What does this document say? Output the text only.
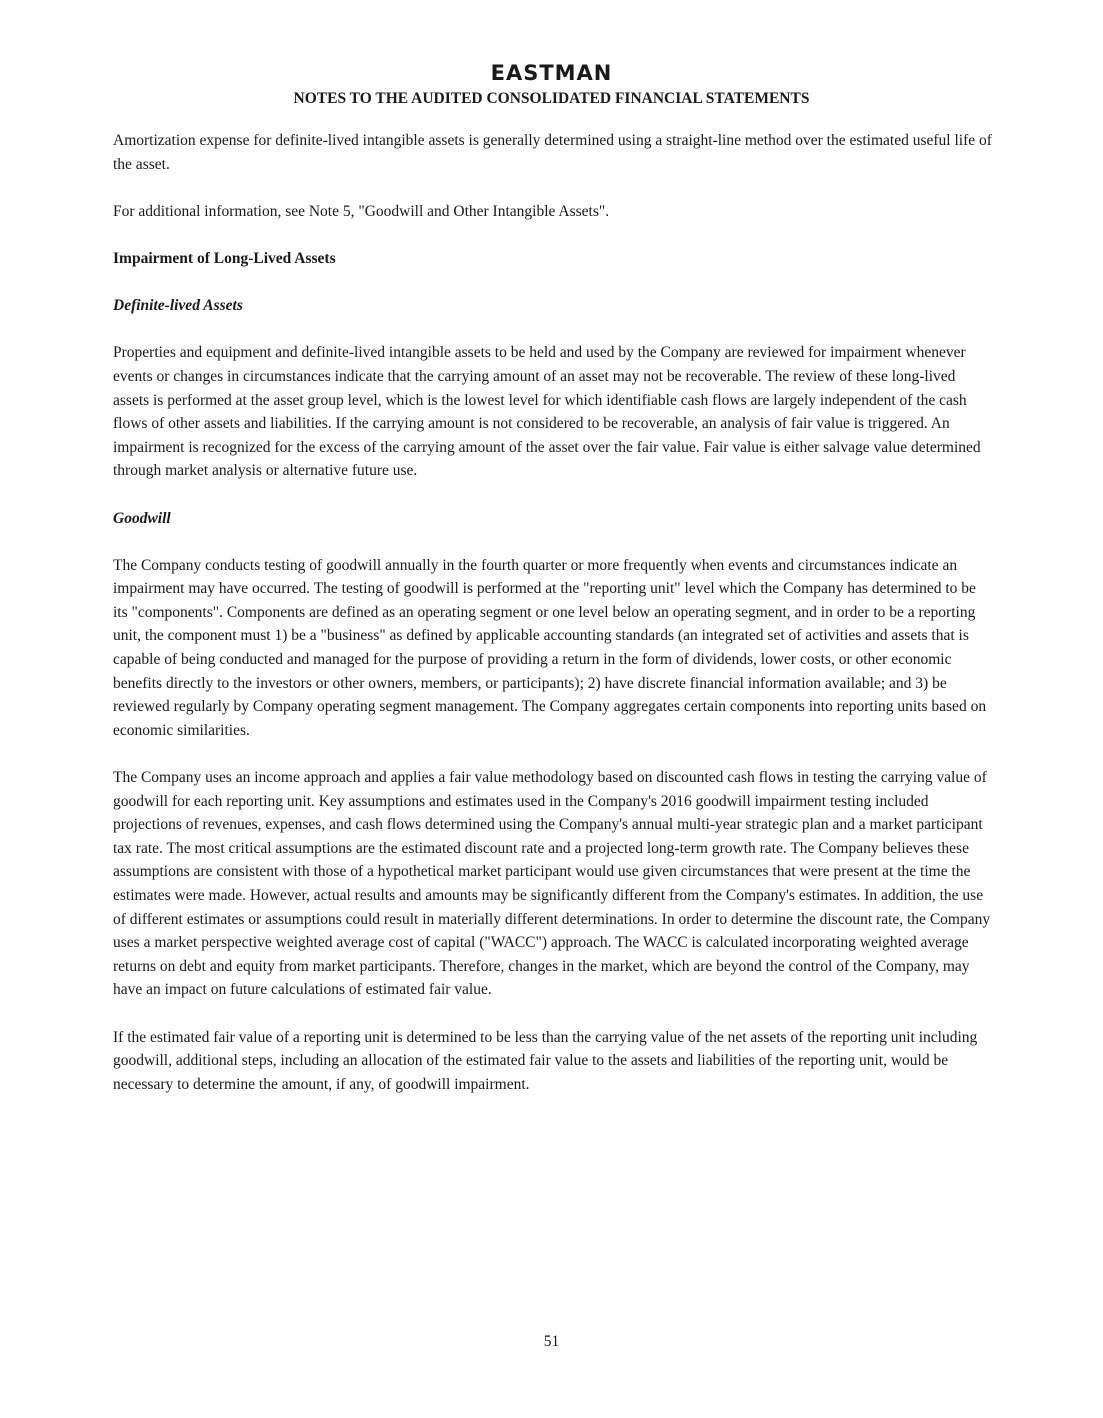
EASTMAN
NOTES TO THE AUDITED CONSOLIDATED FINANCIAL STATEMENTS

Amortization expense for definite-lived intangible assets is generally determined using a straight-line method over the estimated useful life of the asset.

For additional information, see Note 5, "Goodwill and Other Intangible Assets".

Impairment of Long-Lived Assets
Definite-lived Assets

Properties and equipment and definite-lived intangible assets to be held and used by the Company are reviewed for impairment whenever events or changes in circumstances indicate that the carrying amount of an asset may not be recoverable. The review of these long-lived assets is performed at the asset group level, which is the lowest level for which identifiable cash flows are largely independent of the cash flows of other assets and liabilities. If the carrying amount is not considered to be recoverable, an analysis of fair value is triggered. An impairment is recognized for the excess of the carrying amount of the asset over the fair value. Fair value is either salvage value determined through market analysis or alternative future use.

Goodwill

The Company conducts testing of goodwill annually in the fourth quarter or more frequently when events and circumstances indicate an impairment may have occurred. The testing of goodwill is performed at the "reporting unit" level which the Company has determined to be its "components". Components are defined as an operating segment or one level below an operating segment, and in order to be a reporting unit, the component must 1) be a "business" as defined by applicable accounting standards (an integrated set of activities and assets that is capable of being conducted and managed for the purpose of providing a return in the form of dividends, lower costs, or other economic benefits directly to the investors or other owners, members, or participants); 2) have discrete financial information available; and 3) be reviewed regularly by Company operating segment management. The Company aggregates certain components into reporting units based on economic similarities.

The Company uses an income approach and applies a fair value methodology based on discounted cash flows in testing the carrying value of goodwill for each reporting unit. Key assumptions and estimates used in the Company's 2016 goodwill impairment testing included projections of revenues, expenses, and cash flows determined using the Company's annual multi-year strategic plan and a market participant tax rate. The most critical assumptions are the estimated discount rate and a projected long-term growth rate. The Company believes these assumptions are consistent with those of a hypothetical market participant would use given circumstances that were present at the time the estimates were made. However, actual results and amounts may be significantly different from the Company's estimates. In addition, the use of different estimates or assumptions could result in materially different determinations. In order to determine the discount rate, the Company uses a market perspective weighted average cost of capital ("WACC") approach. The WACC is calculated incorporating weighted average returns on debt and equity from market participants. Therefore, changes in the market, which are beyond the control of the Company, may have an impact on future calculations of estimated fair value.

If the estimated fair value of a reporting unit is determined to be less than the carrying value of the net assets of the reporting unit including goodwill, additional steps, including an allocation of the estimated fair value to the assets and liabilities of the reporting unit, would be necessary to determine the amount, if any, of goodwill impairment.

51
